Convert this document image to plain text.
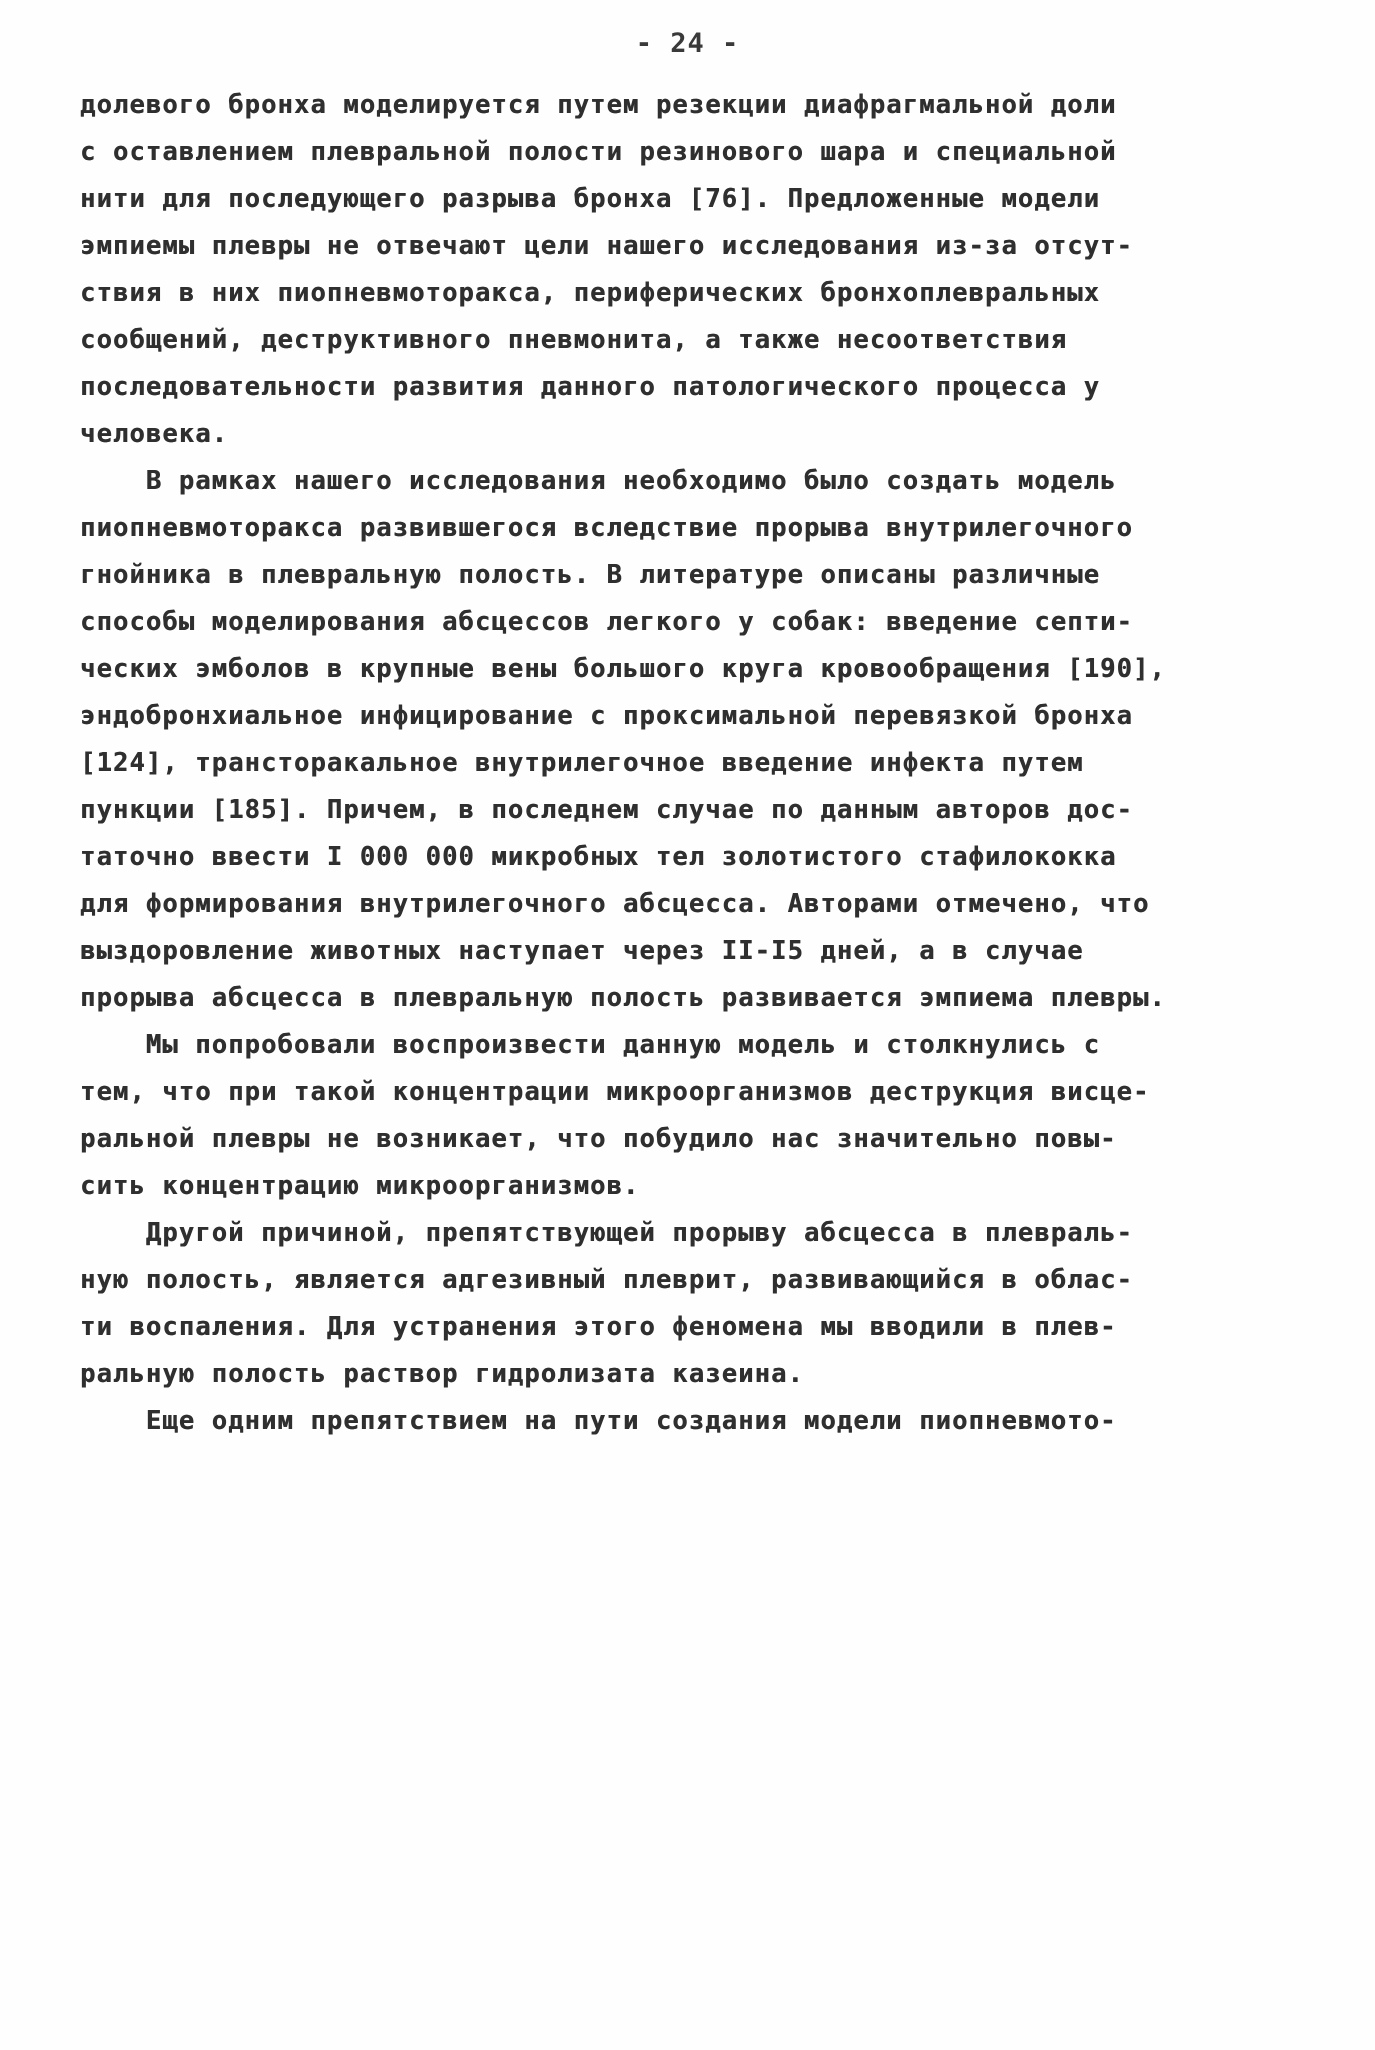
- 24 -
долевого бронха моделируется путем резекции диафрагмальной доли
с оставлением плевральной полости резинового шара и специальной
нити для последующего разрыва бронха [76]. Предложенные модели
эмпиемы плевры не отвечают цели нашего исследования из-за отсут-
ствия в них пиопневмоторакса, периферических бронхоплевральных
сообщений, деструктивного пневмонита, а также несоответствия
последовательности развития данного патологического процесса у
человека.
В рамках нашего исследования необходимо было создать модель
пиопневмоторакса развившегося вследствие прорыва внутрилегочного
гнойника в плевральную полость. В литературе описаны различные
способы моделирования абсцессов легкого у собак: введение септи-
ческих эмболов в крупные вены большого круга кровообращения [190],
эндобронхиальное инфицирование с проксимальной перевязкой бронха
[124], трансторакальное внутрилегочное введение инфекта путем
пункции [185]. Причем, в последнем случае по данным авторов дос-
таточно ввести I 000 000 микробных тел золотистого стафилококка
для формирования внутрилегочного абсцесса. Авторами отмечено, что
выздоровление животных наступает через II-I5 дней, а в случае
прорыва абсцесса в плевральную полость развивается эмпиема плевры.
Мы попробовали воспроизвести данную модель и столкнулись с
тем, что при такой концентрации микроорганизмов деструкция висце-
ральной плевры не возникает, что побудило нас значительно повы-
сить концентрацию микроорганизмов.
Другой причиной, препятствующей прорыву абсцесса в плевраль-
ную полость, является адгезивный плеврит, развивающийся в облас-
ти воспаления. Для устранения этого феномена мы вводили в плев-
ральную полость раствор гидролизата казеина.
Еще одним препятствием на пути создания модели пиопневмото-
